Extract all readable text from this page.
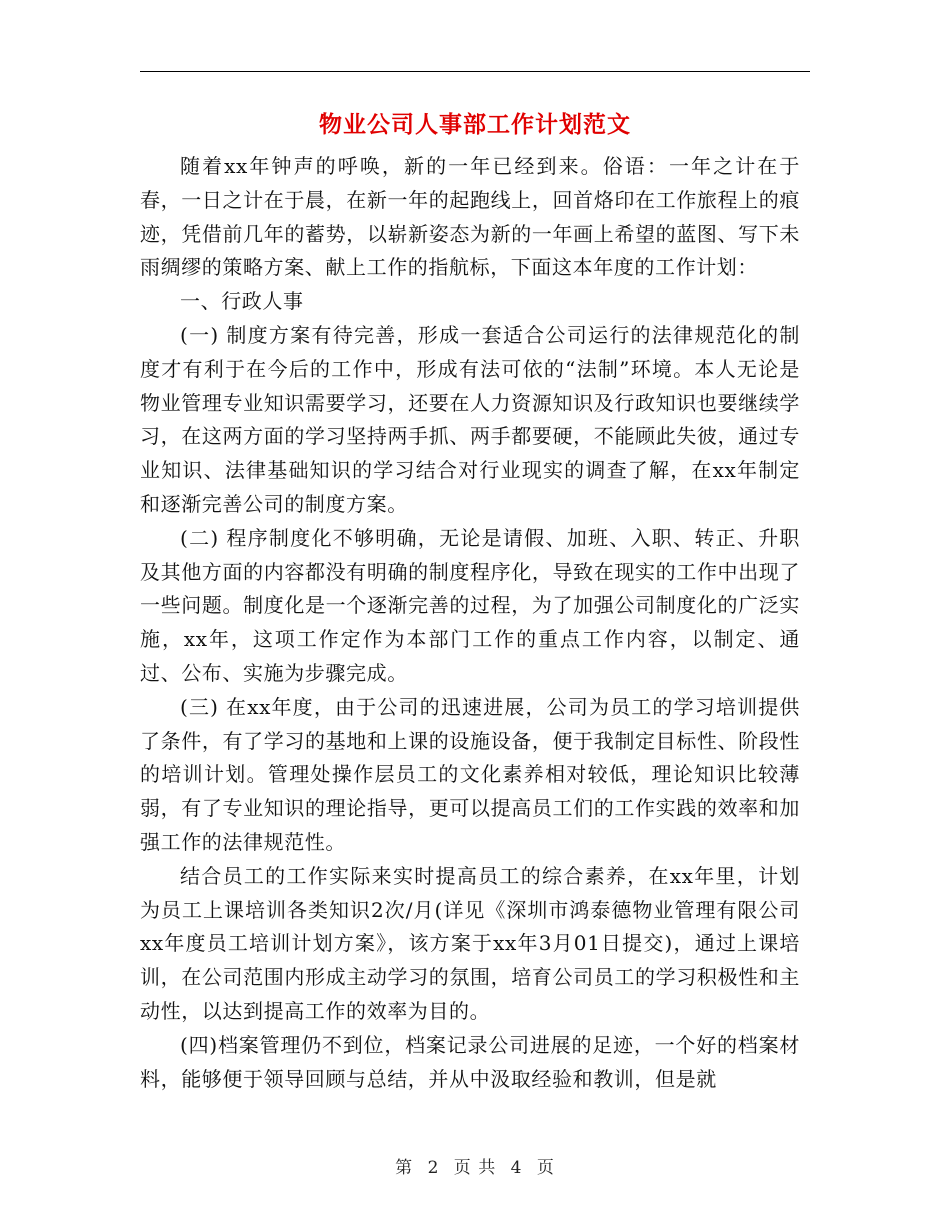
物业公司人事部工作计划范文

随着xx年钟声的呼唤，新的一年已经到来。俗语：一年之计在于春，一日之计在于晨，在新一年的起跑线上，回首烙印在工作旅程上的痕迹，凭借前几年的蓄势，以崭新姿态为新的一年画上希望的蓝图、写下未雨绸缪的策略方案、献上工作的指航标，下面这本年度的工作计划：

一、行政人事

(一) 制度方案有待完善，形成一套适合公司运行的法律规范化的制度才有利于在今后的工作中，形成有法可依的“法制”环境。本人无论是物业管理专业知识需要学习，还要在人力资源知识及行政知识也要继续学习，在这两方面的学习坚持两手抓、两手都要硬，不能顾此失彼，通过专业知识、法律基础知识的学习结合对行业现实的调查了解，在xx年制定和逐渐完善公司的制度方案。

(二) 程序制度化不够明确，无论是请假、加班、入职、转正、升职及其他方面的内容都没有明确的制度程序化，导致在现实的工作中出现了一些问题。制度化是一个逐渐完善的过程，为了加强公司制度化的广泛实施，xx年，这项工作定作为本部门工作的重点工作内容，以制定、通过、公布、实施为步骤完成。

(三) 在xx年度，由于公司的迅速进展，公司为员工的学习培训提供了条件，有了学习的基地和上课的设施设备，便于我制定目标性、阶段性的培训计划。管理处操作层员工的文化素养相对较低，理论知识比较薄弱，有了专业知识的理论指导，更可以提高员工们的工作实践的效率和加强工作的法律规范性。

结合员工的工作实际来实时提高员工的综合素养，在xx年里，计划为员工上课培训各类知识2次/月(详见《深圳市鸿泰德物业管理有限公司xx年度员工培训计划方案》，该方案于xx年3月01日提交)，通过上课培训，在公司范围内形成主动学习的氛围，培育公司员工的学习积极性和主动性，以达到提高工作的效率为目的。

(四)档案管理仍不到位，档案记录公司进展的足迹，一个好的档案材料，能够便于领导回顾与总结，并从中汲取经验和教训，但是就

第 2 页 共 4 页
